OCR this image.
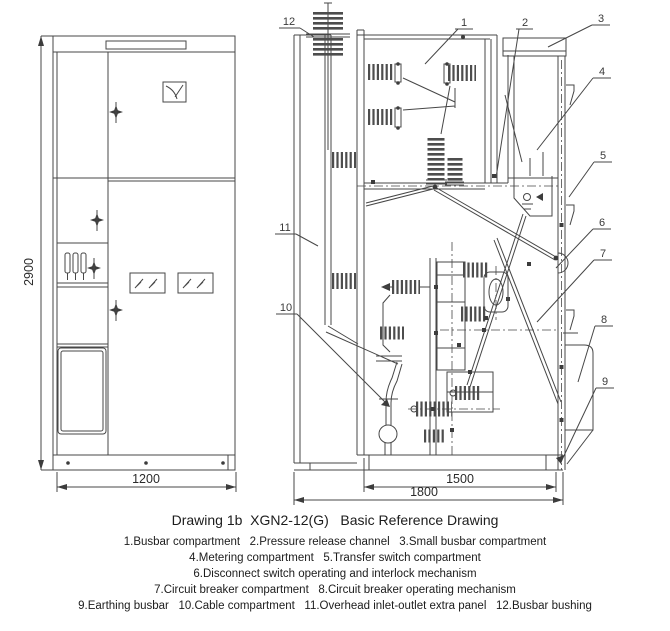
2900
1200	1500
1800
1	2	3
4
5
6
7
8
9
10
11
12
Drawing 1b  XGN2-12(G)   Basic Reference Drawing
1.Busbar compartment   2.Pressure release channel   3.Small busbar compartment
4.Metering compartment   5.Transfer switch compartment
6.Disconnect switch operating and interlock mechanism
7.Circuit breaker compartment   8.Circuit breaker operating mechanism
9.Earthing busbar   10.Cable compartment   11.Overhead inlet-outlet extra panel   12.Busbar bushing
